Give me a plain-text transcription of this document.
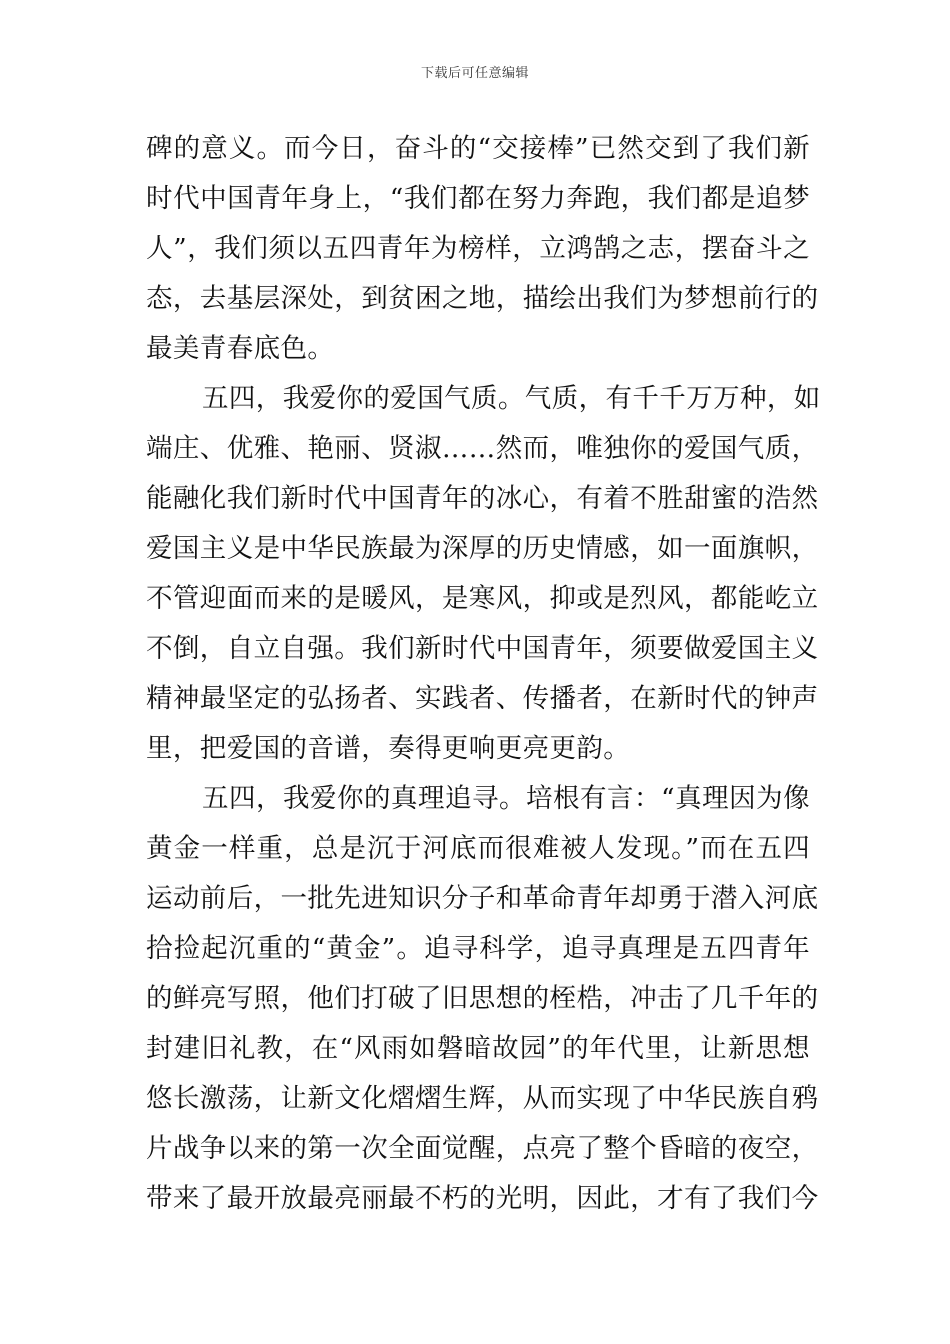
下载后可任意编辑
碑的意义。而今日，奋斗的“交接棒”已然交到了我们新
时代中国青年身上，“我们都在努力奔跑，我们都是追梦
人”，我们须以五四青年为榜样，立鸿鹄之志，摆奋斗之
态，去基层深处，到贫困之地，描绘出我们为梦想前行的
最美青春底色。
五四，我爱你的爱国气质。气质，有千千万万种，如
端庄、优雅、艳丽、贤淑……然而，唯独你的爱国气质，
能融化我们新时代中国青年的冰心，有着不胜甜蜜的浩然
爱国主义是中华民族最为深厚的历史情感，如一面旗帜，
不管迎面而来的是暖风，是寒风，抑或是烈风，都能屹立
不倒，自立自强。我们新时代中国青年，须要做爱国主义
精神最坚定的弘扬者、实践者、传播者，在新时代的钟声
里，把爱国的音谱，奏得更响更亮更韵。
五四，我爱你的真理追寻。培根有言：“真理因为像
黄金一样重，总是沉于河底而很难被人发现。”而在五四
运动前后，一批先进知识分子和革命青年却勇于潜入河底
拾捡起沉重的“黄金”。追寻科学，追寻真理是五四青年
的鲜亮写照，他们打破了旧思想的桎梏，冲击了几千年的
封建旧礼教，在“风雨如磐暗故园”的年代里，让新思想
悠长激荡，让新文化熠熠生辉，从而实现了中华民族自鸦
片战争以来的第一次全面觉醒，点亮了整个昏暗的夜空，
带来了最开放最亮丽最不朽的光明，因此，才有了我们今
